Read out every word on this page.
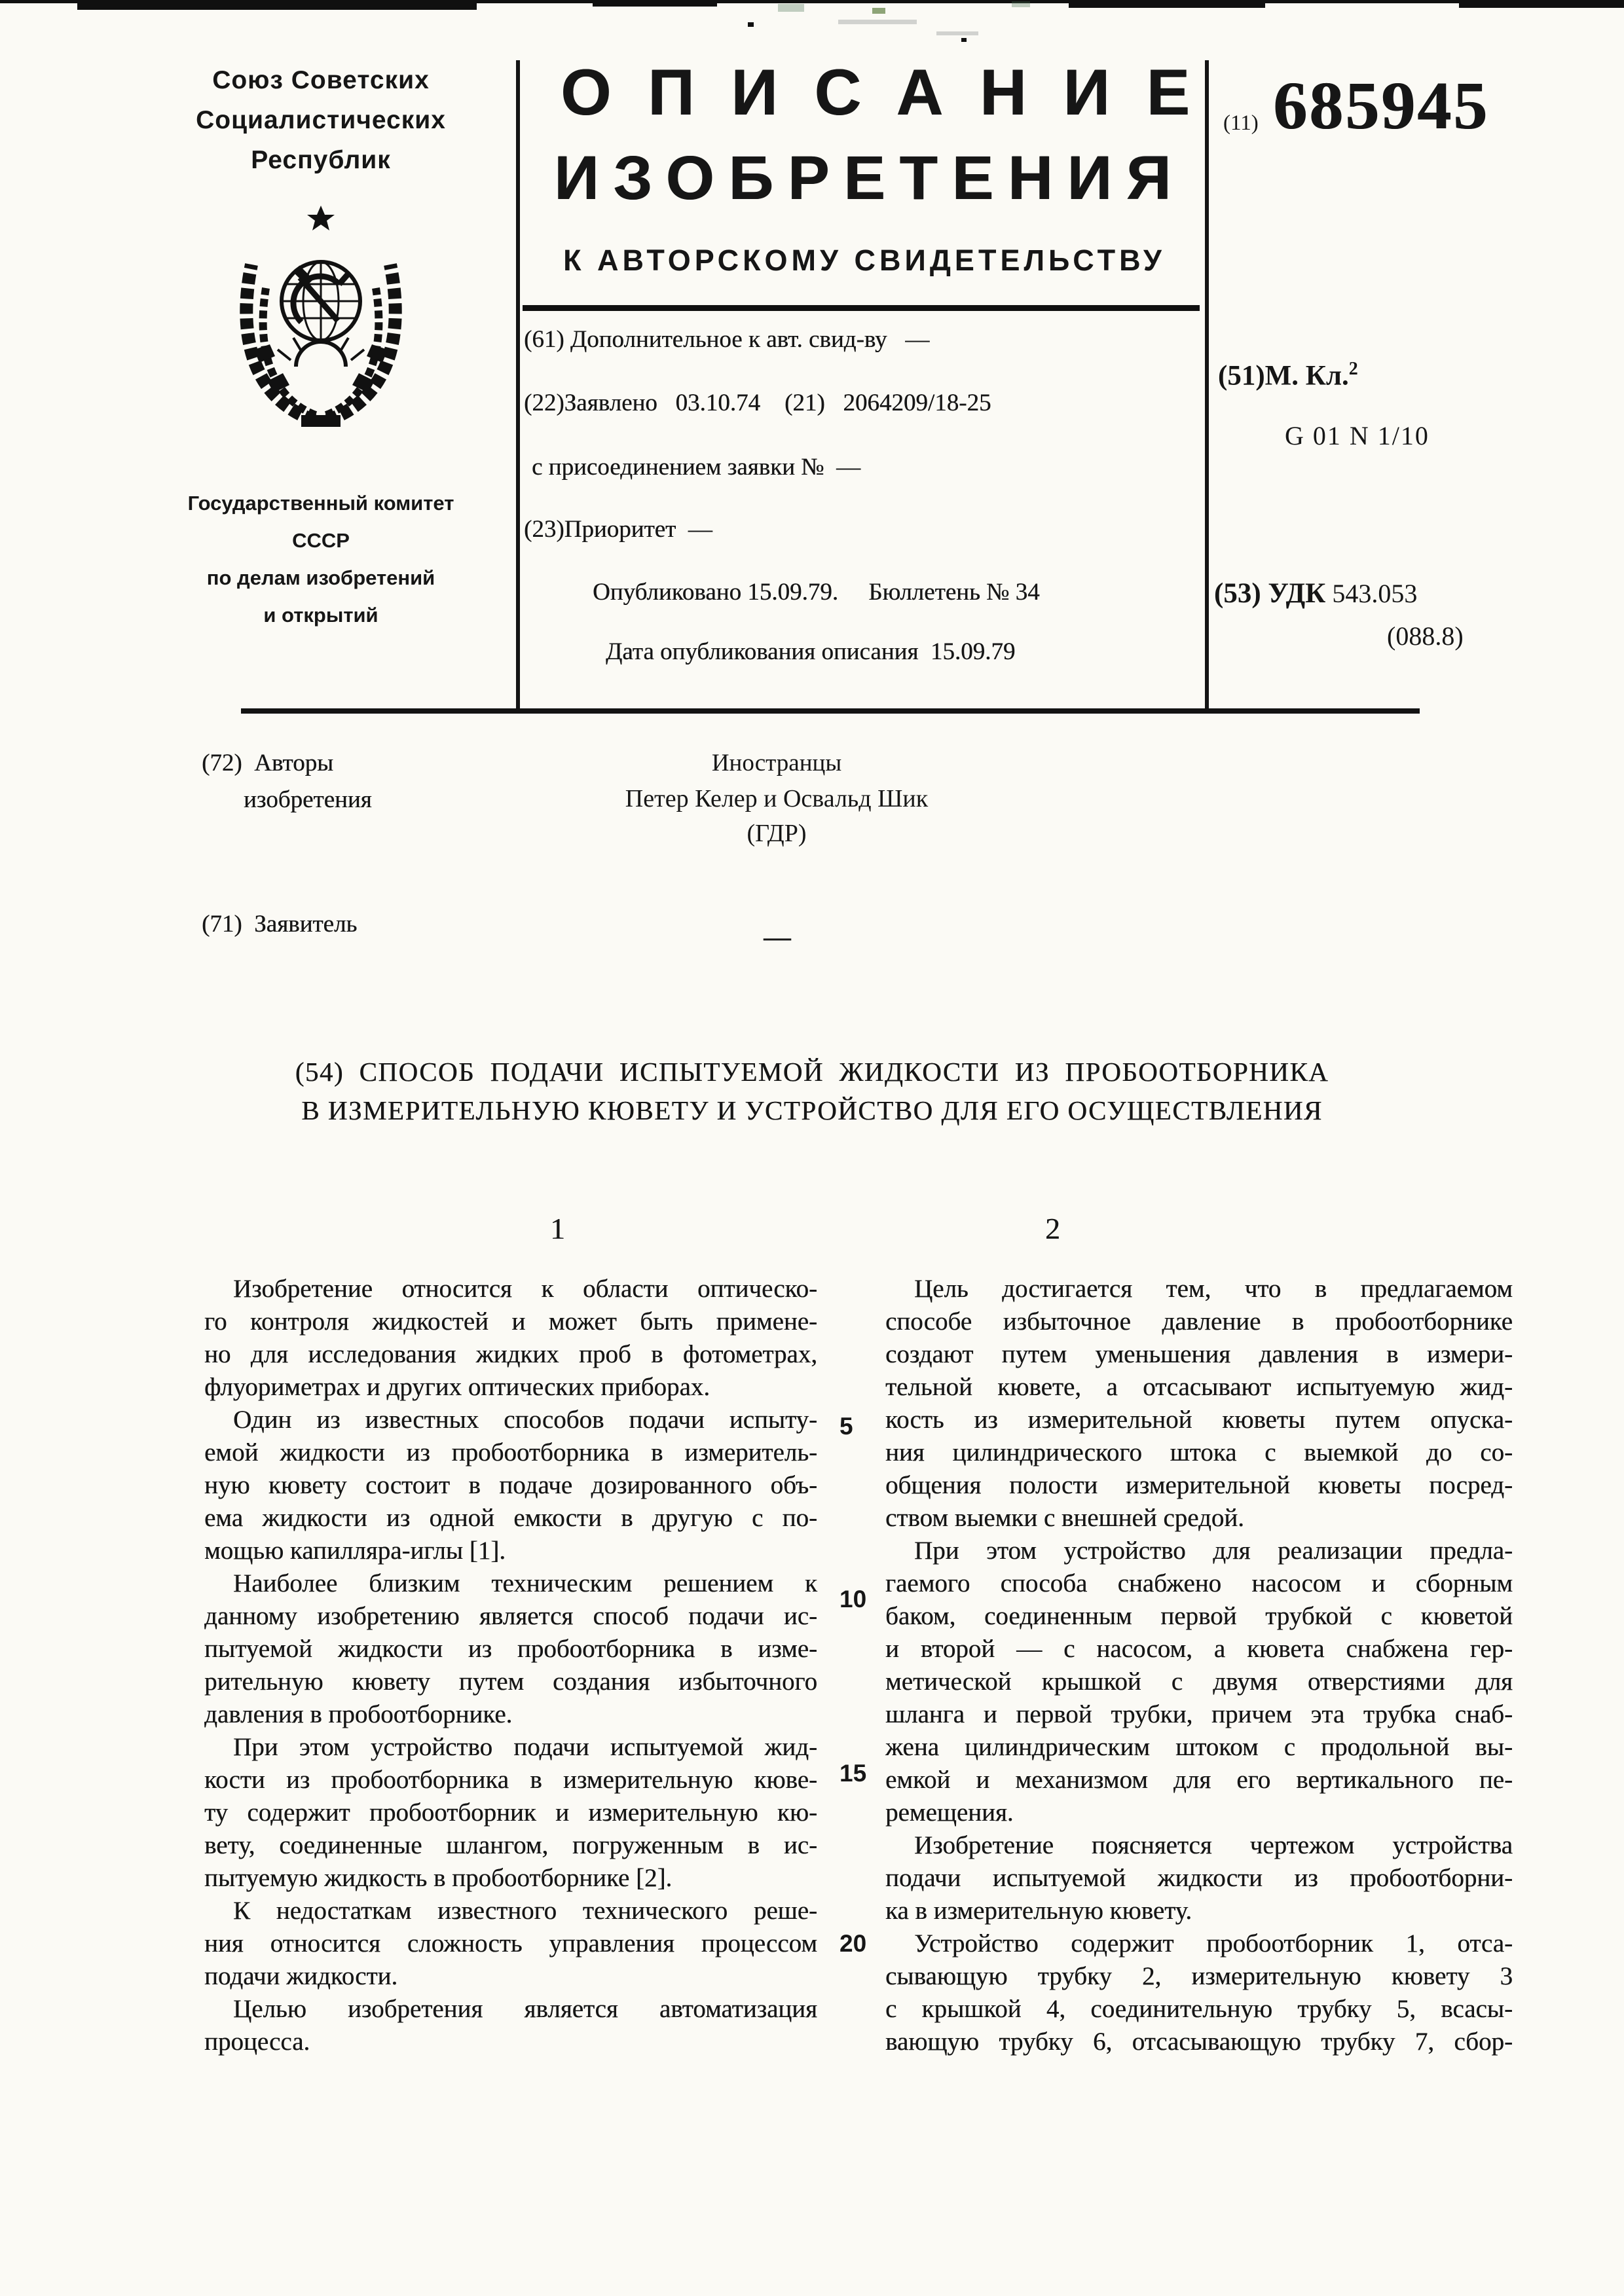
Союз Советских
Социалистических
Республик
Государственный комитет
СССР
по делам изобретений
и открытий
ОПИСАНИЕ
ИЗОБРЕТЕНИЯ
К АВТОРСКОМУ СВИДЕТЕЛЬСТВУ
(61) Дополнительное к авт. свид-ву   —
(22)Заявлено   03.10.74    (21)   2064209/18-25
с присоединением заявки №  —
(23)Приоритет  —
Опубликовано 15.09.79.     Бюллетень № 34
Дата опубликования описания  15.09.79
(11) 685945
(51)М. Кл.$^2$
G 01 N 1/10
(53) УДК 543.053
(088.8)
(72)  Авторы
изобретения
Иностранцы
Петер Келер и Освальд Шик
(ГДР)
(71)  Заявитель	—
(54)  СПОСОБ  ПОДАЧИ  ИСПЫТУЕМОЙ  ЖИДКОСТИ  ИЗ  ПРОБООТБОРНИКА
В ИЗМЕРИТЕЛЬНУЮ КЮВЕТУ И УСТРОЙСТВО ДЛЯ ЕГО ОСУЩЕСТВЛЕНИЯ
1	2
Изобретение относится к области оптическо-
го контроля жидкостей и может быть примене-
но для исследования жидких проб в фотометрах,
флуориметрах и других оптических приборах.
Один из известных способов подачи испыту-
емой жидкости из пробоотборника в измеритель-
ную кювету состоит в подаче дозированного объ-
ема жидкости из одной емкости в другую с по-
мощью капилляра-иглы [1].
Наиболее близким техническим решением к
данному изобретению является способ подачи ис-
пытуемой жидкости из пробоотборника в изме-
рительную кювету путем создания избыточного
давления в пробоотборнике.
При этом устройство подачи испытуемой жид-
кости из пробоотборника в измерительную кюве-
ту содержит пробоотборник и измерительную кю-
вету, соединенные шлангом, погруженным в ис-
пытуемую жидкость в пробоотборнике [2].
К недостаткам известного технического реше-
ния относится сложность управления процессом
подачи жидкости.
Целью изобретения является автоматизация
процесса.
Цель достигается тем, что в предлагаемом
способе избыточное давление в пробоотборнике
создают путем уменьшения давления в измери-
тельной кювете, а отсасывают испытуемую жид-
кость из измерительной кюветы путем опуска-
ния цилиндрического штока с выемкой до со-
общения полости измерительной кюветы посред-
ством выемки с внешней средой.
При этом устройство для реализации предла-
гаемого способа снабжено насосом и сборным
баком, соединенным первой трубкой с кюветой
и второй — с насосом, а кювета снабжена гер-
метической крышкой с двумя отверстиями для
шланга и первой трубки, причем эта трубка снаб-
жена цилиндрическим штоком с продольной вы-
емкой и механизмом для его вертикального пе-
ремещения.
Изобретение поясняется чертежом устройства
подачи испытуемой жидкости из пробоотборни-
ка в измерительную кювету.
Устройство содержит пробоотборник 1, отса-
сывающую трубку 2, измерительную кювету 3
с крышкой 4, соединительную трубку 5, всасы-
вающую трубку 6, отсасывающую трубку 7, сбор-
5
10
15
20
